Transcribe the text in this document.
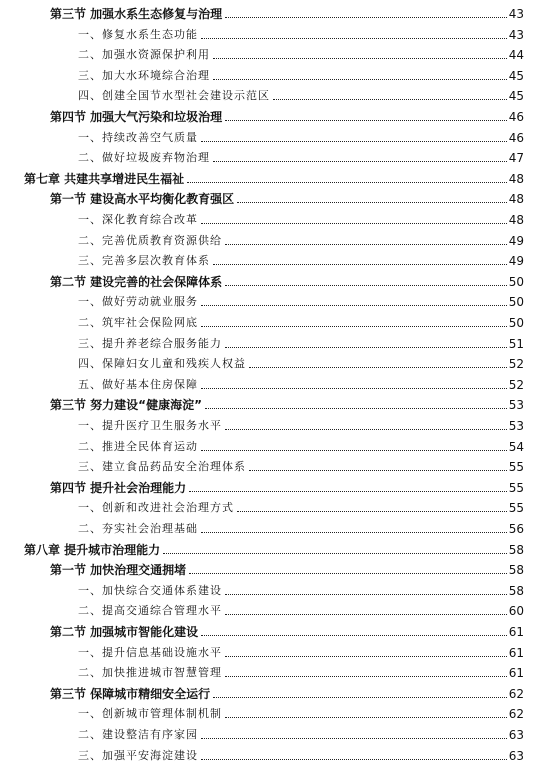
第三节 加强水系生态修复与治理	43
一、修复水系生态功能	43
二、加强水资源保护利用	44
三、加大水环境综合治理	45
四、创建全国节水型社会建设示范区	45
第四节 加强大气污染和垃圾治理	46
一、持续改善空气质量	46
二、做好垃圾废弃物治理	47
第七章 共建共享增进民生福祉	48
第一节 建设高水平均衡化教育强区	48
一、深化教育综合改革	48
二、完善优质教育资源供给	49
三、完善多层次教育体系	49
第二节 建设完善的社会保障体系	50
一、做好劳动就业服务	50
二、筑牢社会保险网底	50
三、提升养老综合服务能力	51
四、保障妇女儿童和残疾人权益	52
五、做好基本住房保障	52
第三节 努力建设“健康海淀”	53
一、提升医疗卫生服务水平	53
二、推进全民体育运动	54
三、建立食品药品安全治理体系	55
第四节 提升社会治理能力	55
一、创新和改进社会治理方式	55
二、夯实社会治理基础	56
第八章 提升城市治理能力	58
第一节 加快治理交通拥堵	58
一、加快综合交通体系建设	58
二、提高交通综合管理水平	60
第二节 加强城市智能化建设	61
一、提升信息基础设施水平	61
二、加快推进城市智慧管理	61
第三节 保障城市精细安全运行	62
一、创新城市管理体制机制	62
二、建设整洁有序家园	63
三、加强平安海淀建设	63
